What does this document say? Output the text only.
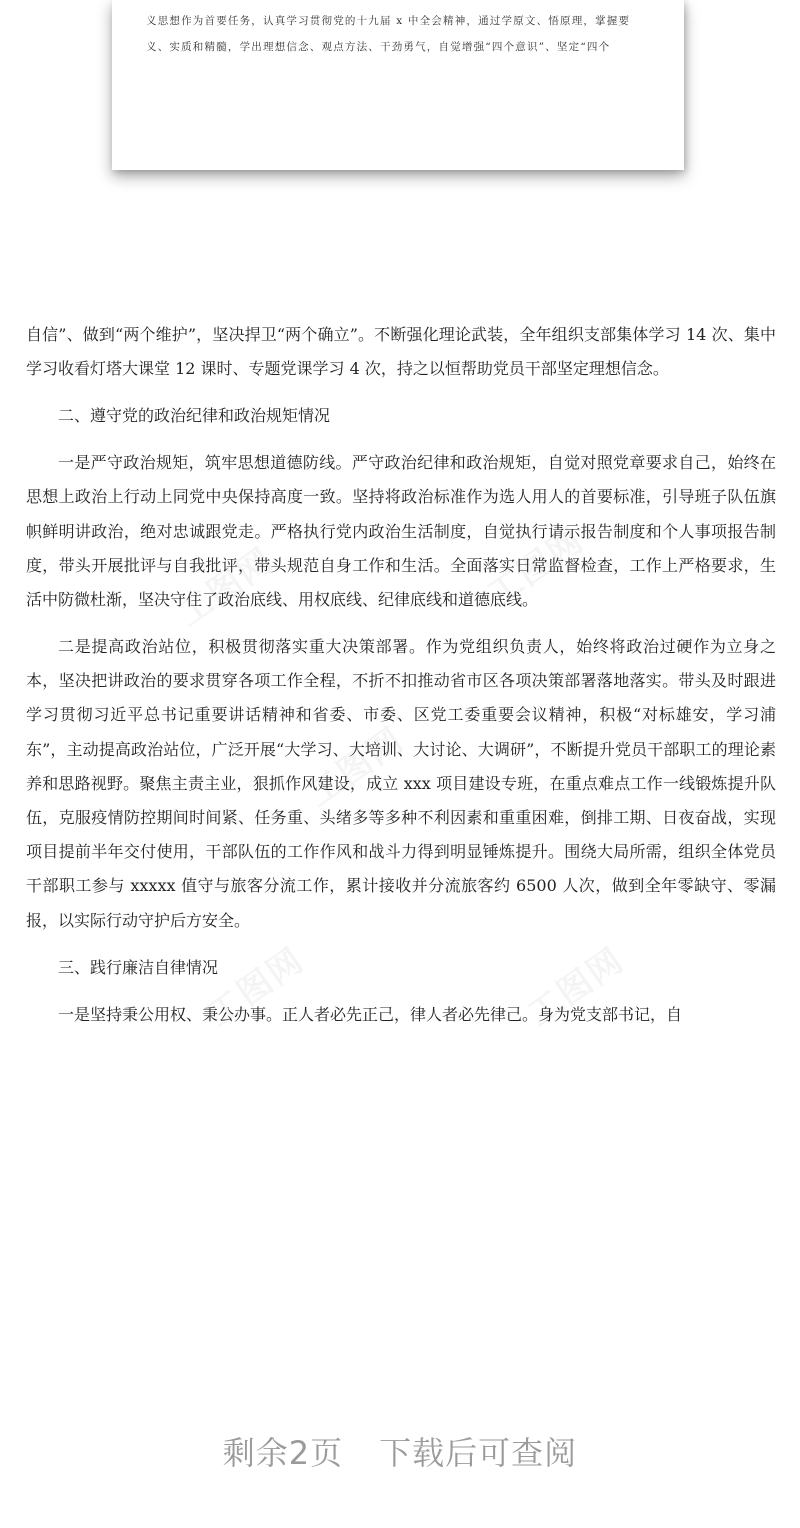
义思想作为首要任务，认真学习贯彻党的十九届 x 中全会精神，通过学原文、悟原理，掌握要
义、实质和精髓，学出理想信念、观点方法、干劲勇气，自觉增强“四个意识”、坚定“四个

自信”、做到“两个维护”，坚决捍卫“两个确立”。不断强化理论武装，全年组织支部集体学习 14 次、集中学习收看灯塔大课堂 12 课时、专题党课学习 4 次，持之以恒帮助党员干部坚定理想信念。

二、遵守党的政治纪律和政治规矩情况

一是严守政治规矩，筑牢思想道德防线。严守政治纪律和政治规矩，自觉对照党章要求自己，始终在思想上政治上行动上同党中央保持高度一致。坚持将政治标准作为选人用人的首要标准，引导班子队伍旗帜鲜明讲政治，绝对忠诚跟党走。严格执行党内政治生活制度，自觉执行请示报告制度和个人事项报告制度，带头开展批评与自我批评，带头规范自身工作和生活。全面落实日常监督检查，工作上严格要求，生活中防微杜渐，坚决守住了政治底线、用权底线、纪律底线和道德底线。

二是提高政治站位，积极贯彻落实重大决策部署。作为党组织负责人，始终将政治过硬作为立身之本，坚决把讲政治的要求贯穿各项工作全程，不折不扣推动省市区各项决策部署落地落实。带头及时跟进学习贯彻习近平总书记重要讲话精神和省委、市委、区党工委重要会议精神，积极“对标雄安，学习浦东”，主动提高政治站位，广泛开展“大学习、大培训、大讨论、大调研”，不断提升党员干部职工的理论素养和思路视野。聚焦主责主业，狠抓作风建设，成立 xxx 项目建设专班，在重点难点工作一线锻炼提升队伍，克服疫情防控期间时间紧、任务重、头绪多等多种不利因素和重重困难，倒排工期、日夜奋战，实现项目提前半年交付使用，干部队伍的工作作风和战斗力得到明显锤炼提升。围绕大局所需，组织全体党员干部职工参与 xxxxx 值守与旅客分流工作，累计接收并分流旅客约 6500 人次，做到全年零缺守、零漏报，以实际行动守护后方安全。

三、践行廉洁自律情况

一是坚持秉公用权、秉公办事。正人者必先正己，律人者必先律己。身为党支部书记，自

剩余2页 下载后可查阅
